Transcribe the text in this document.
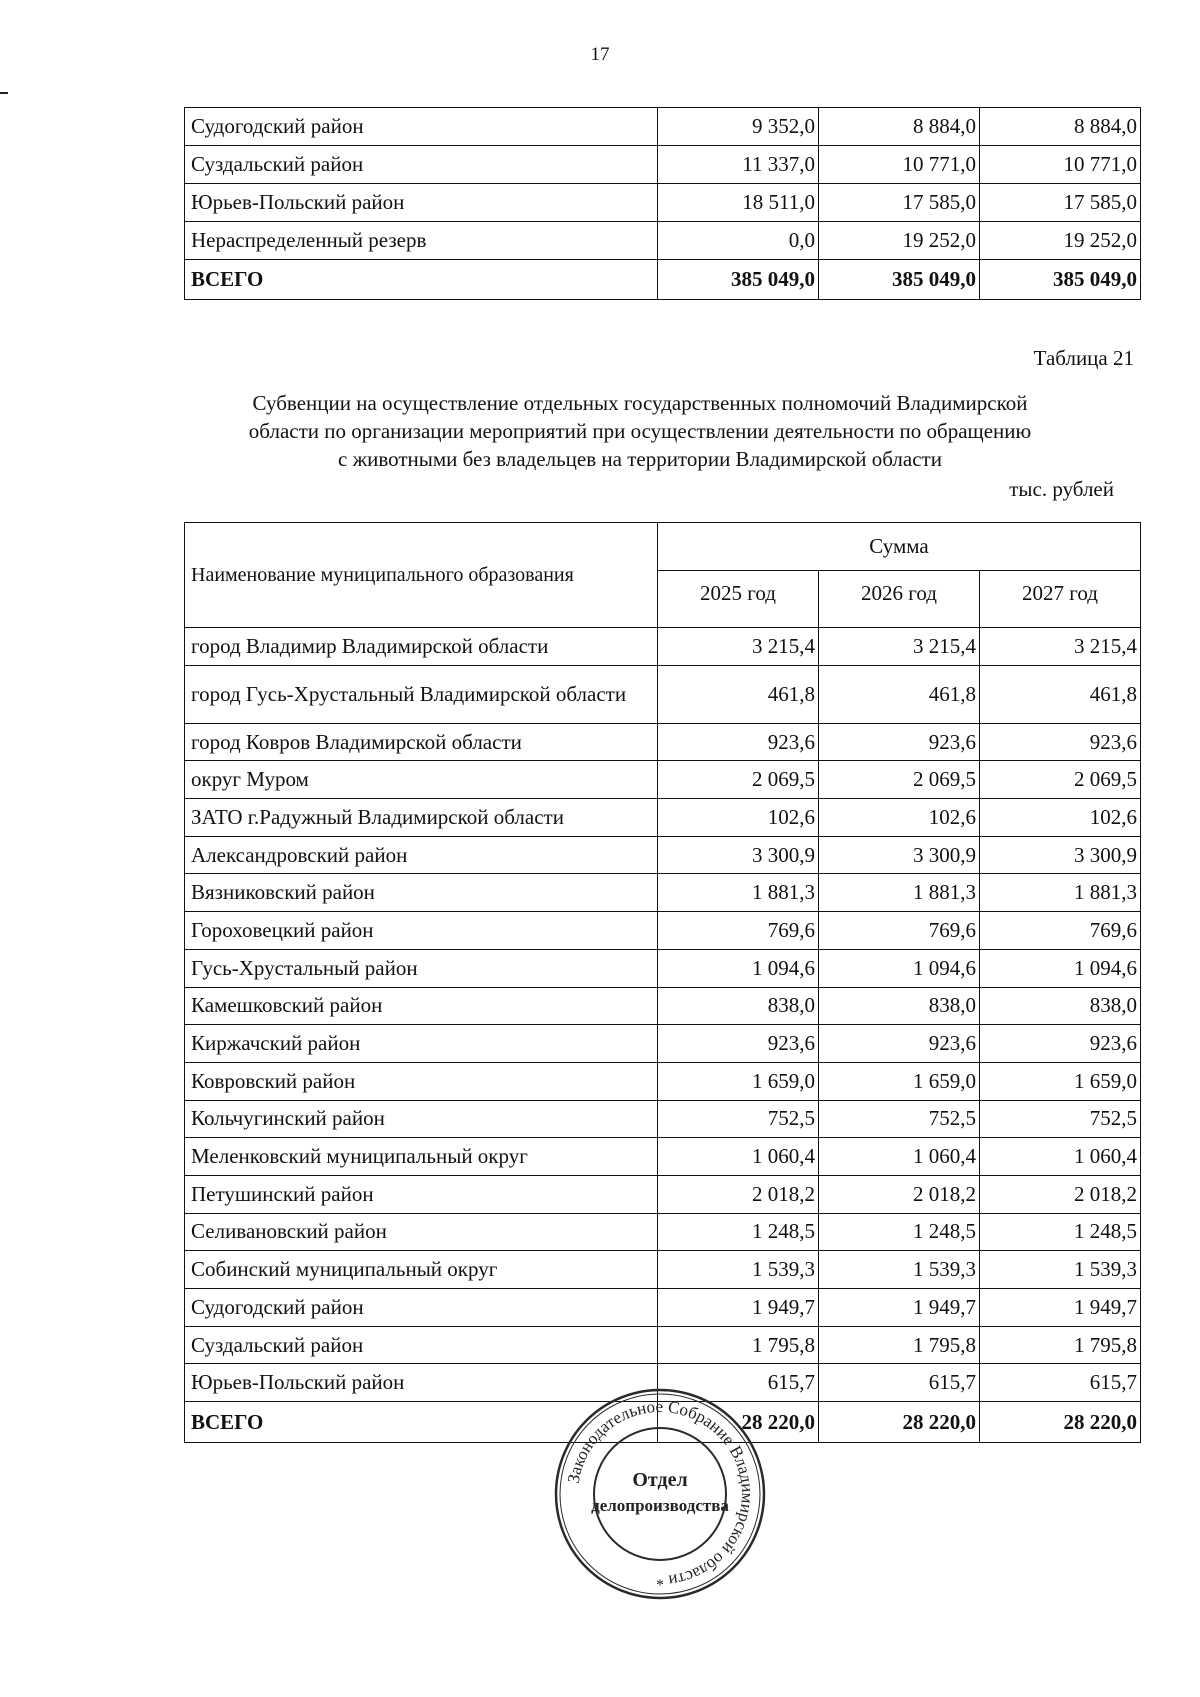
17
Судогодский район	9 352,0	8 884,0	8 884,0
Суздальский район	11 337,0	10 771,0	10 771,0
Юрьев-Польский район	18 511,0	17 585,0	17 585,0
Нераспределенный резерв	0,0	19 252,0	19 252,0
ВСЕГО	385 049,0	385 049,0	385 049,0
Таблица 21
Субвенции на осуществление отдельных государственных полномочий Владимирской
области по организации мероприятий при осуществлении деятельности по обращению
с животными без владельцев на территории Владимирской области
тыс. рублей
Наименование муниципального образования	Сумма		
	2025 год	2026 год	2027 год
город Владимир Владимирской области	3 215,4	3 215,4	3 215,4
город Гусь-Хрустальный Владимирской области	461,8	461,8	461,8
город Ковров Владимирской области	923,6	923,6	923,6
округ Муром	2 069,5	2 069,5	2 069,5
ЗАТО г.Радужный Владимирской области	102,6	102,6	102,6
Александровский район	3 300,9	3 300,9	3 300,9
Вязниковский район	1 881,3	1 881,3	1 881,3
Гороховецкий район	769,6	769,6	769,6
Гусь-Хрустальный район	1 094,6	1 094,6	1 094,6
Камешковский район	838,0	838,0	838,0
Киржачский район	923,6	923,6	923,6
Ковровский район	1 659,0	1 659,0	1 659,0
Кольчугинский район	752,5	752,5	752,5
Меленковский муниципальный округ	1 060,4	1 060,4	1 060,4
Петушинский район	2 018,2	2 018,2	2 018,2
Селивановский район	1 248,5	1 248,5	1 248,5
Собинский муниципальный округ	1 539,3	1 539,3	1 539,3
Судогодский район	1 949,7	1 949,7	1 949,7
Суздальский район	1 795,8	1 795,8	1 795,8
Юрьев-Польский район	615,7	615,7	615,7
ВСЕГО	28 220,0	28 220,0	28 220,0
Законодательное Собрание Владимирской области
Отдел
делопроизводства
*
